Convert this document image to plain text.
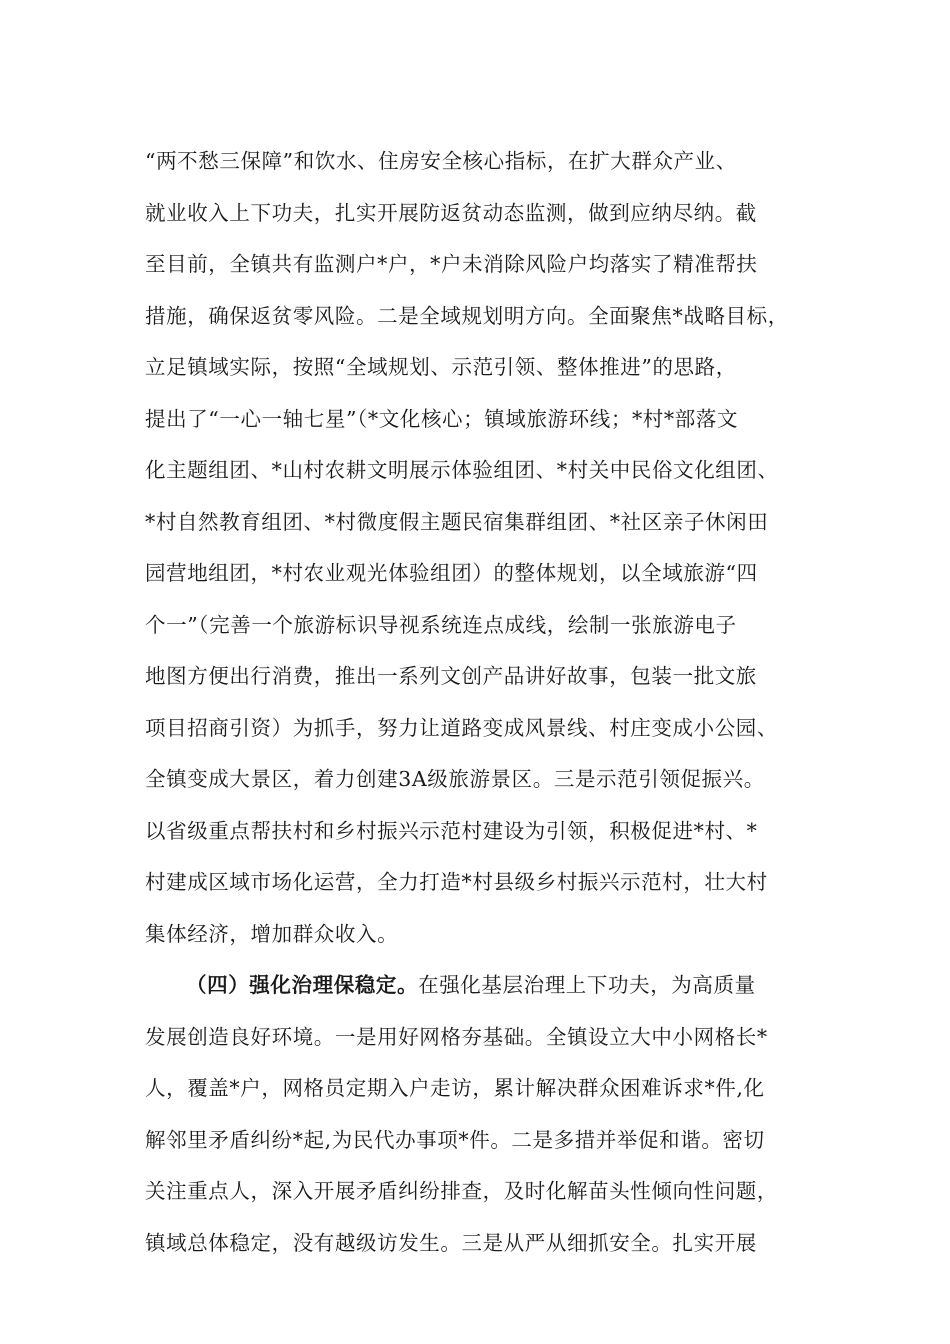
“两不愁三保障”和饮水、住房安全核心指标，在扩大群众产业、
就业收入上下功夫，扎实开展防返贫动态监测，做到应纳尽纳。截
至目前，全镇共有监测户*户，*户未消除风险户均落实了精准帮扶
措施，确保返贫零风险。二是全域规划明方向。全面聚焦*战略目标，
立足镇域实际，按照“全域规划、示范引领、整体推进”的思路，
提出了“一心一轴七星”（*文化核心；镇域旅游环线；*村*部落文
化主题组团、*山村农耕文明展示体验组团、*村关中民俗文化组团、
*村自然教育组团、*村微度假主题民宿集群组团、*社区亲子休闲田
园营地组团，*村农业观光体验组团）的整体规划，以全域旅游“四
个一”（完善一个旅游标识导视系统连点成线，绘制一张旅游电子
地图方便出行消费，推出一系列文创产品讲好故事，包装一批文旅
项目招商引资）为抓手，努力让道路变成风景线、村庄变成小公园、
全镇变成大景区，着力创建3A级旅游景区。三是示范引领促振兴。
以省级重点帮扶村和乡村振兴示范村建设为引领，积极促进*村、*
村建成区域市场化运营，全力打造*村县级乡村振兴示范村，壮大村
集体经济，增加群众收入。
（四）强化治理保稳定。在强化基层治理上下功夫，为高质量
发展创造良好环境。一是用好网格夯基础。全镇设立大中小网格长*
人，覆盖*户，网格员定期入户走访，累计解决群众困难诉求*件,化
解邻里矛盾纠纷*起,为民代办事项*件。二是多措并举促和谐。密切
关注重点人，深入开展矛盾纠纷排查，及时化解苗头性倾向性问题，
镇域总体稳定，没有越级访发生。三是从严从细抓安全。扎实开展
